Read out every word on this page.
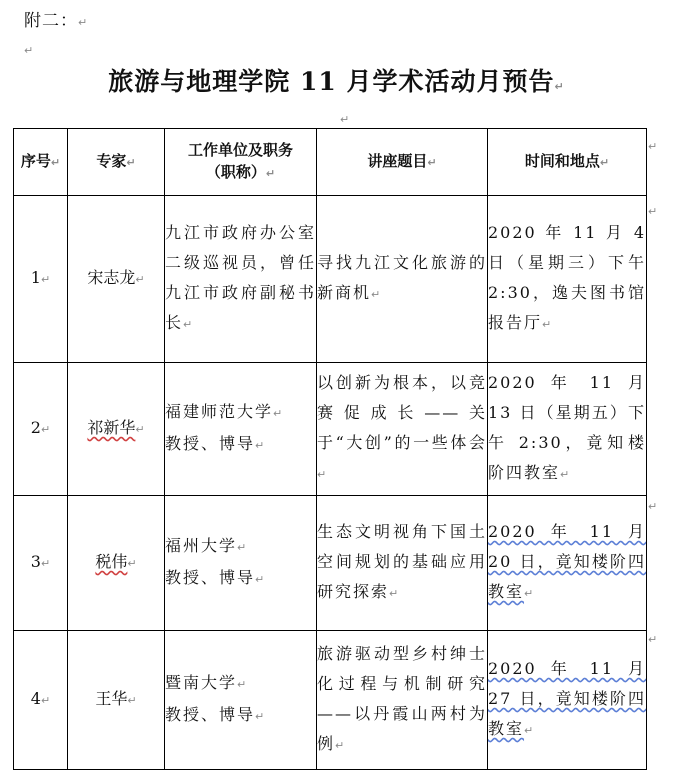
附二：↵
↵
旅游与地理学院 11 月学术活动月预告↵
↵
序号↵	专家↵	工作单位及职务
（职称）↵	讲座题目↵	时间和地点↵
1↵	宋志龙↵	九江市政府办公室二级巡视员，曾任九江市政府副秘书长↵	寻找九江文化旅游的新商机↵	2020 年 11 月 4 日（星期三）下午 2:30，逸夫图书馆报告厅↵
2↵	祁新华↵	福建师范大学↵
教授、博导↵	以创新为根本，以竞赛促成长——关于“大创”的一些体会↵	2020 年 11 月 13 日（星期五）下午 2:30，竟知楼阶四教室↵
3↵	税伟↵	福州大学↵
教授、博导↵	生态文明视角下国土空间规划的基础应用研究探索↵	2020 年 11 月 20 日，竟知楼阶四教室↵
4↵	王华↵	暨南大学↵
教授、博导↵	旅游驱动型乡村绅士化过程与机制研究——以丹霞山两村为例↵	2020 年 11 月 27 日，竟知楼阶四教室↵
↵
↵
↵
↵
